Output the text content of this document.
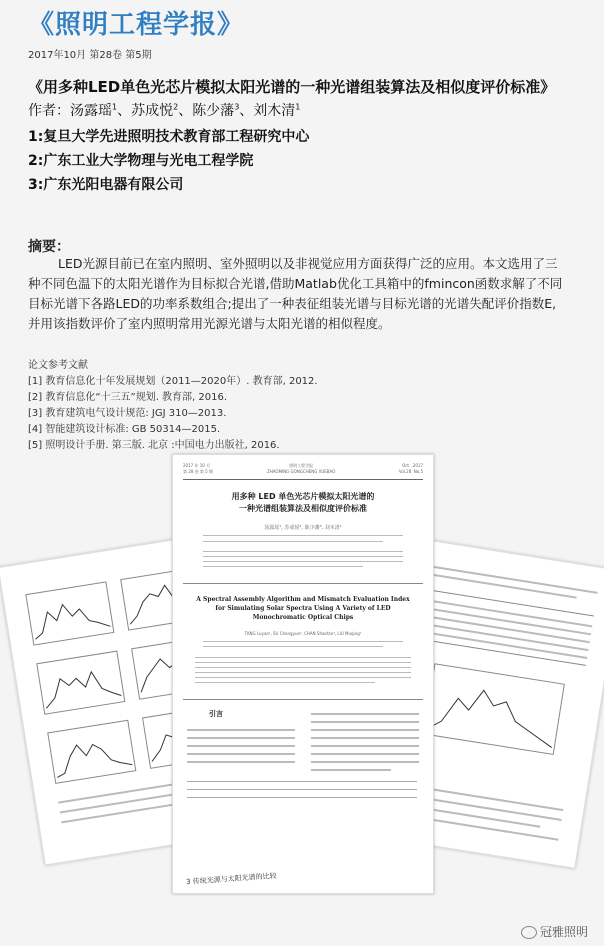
《照明工程学报》
2017年10月 第28卷 第5期
《用多种LED单色光芯片模拟太阳光谱的一种光谱组装算法及相似度评价标准》
作者：汤露瑶$^1$、苏成悦$^2$、陈少藩$^3$、刘木清$^1$
1:复旦大学先进照明技术教育部工程研究中心
2:广东工业大学物理与光电工程学院
3:广东光阳电器有限公司
摘要：

LED光源目前已在室内照明、室外照明以及非视觉应用方面获得广泛的应用。本文选用了三种不同色温下的太阳光谱作为目标拟合光谱,借助Matlab优化工具箱中的fmincon函数求解了不同目标光谱下各路LED的功率系数组合;提出了一种表征组装光谱与目标光谱的光谱失配评价指数E,并用该指数评价了室内照明常用光源光谱与太阳光谱的相似程度。

论文参考文献
[1] 教育信息化十年发展规划（2011—2020年）. 教育部, 2012.
[2] 教育信息化“十三五”规划. 教育部, 2016.
[3] 教育建筑电气设计规范: JGJ 310—2013.
[4] 智能建筑设计标准: GB 50314—2015.
[5] 照明设计手册. 第三版. 北京 :中国电力出版社, 2016.
2017 年 10 月
第 28 卷 第 5 期
照明工程学报
ZHAOMING GONGCHENG XUEBAO
Oct.  2017
Vol.28  No.5
用多种 LED 单色光芯片模拟太阳光谱的
一种光谱组装算法及相似度评价标准
汤露瑶¹, 苏成悦², 陈少藩³, 刘木清¹
A Spectral Assembly Algorithm and Mismatch Evaluation Index for Simulating Solar Spectra Using A Variety of LED Monochromatic Optical Chips
TANG Luyao¹, SU Chengyue², CHAN Shaofan³, LIU Muqing¹
引言
3 传统光源与太阳光谱的比较
冠雅照明
